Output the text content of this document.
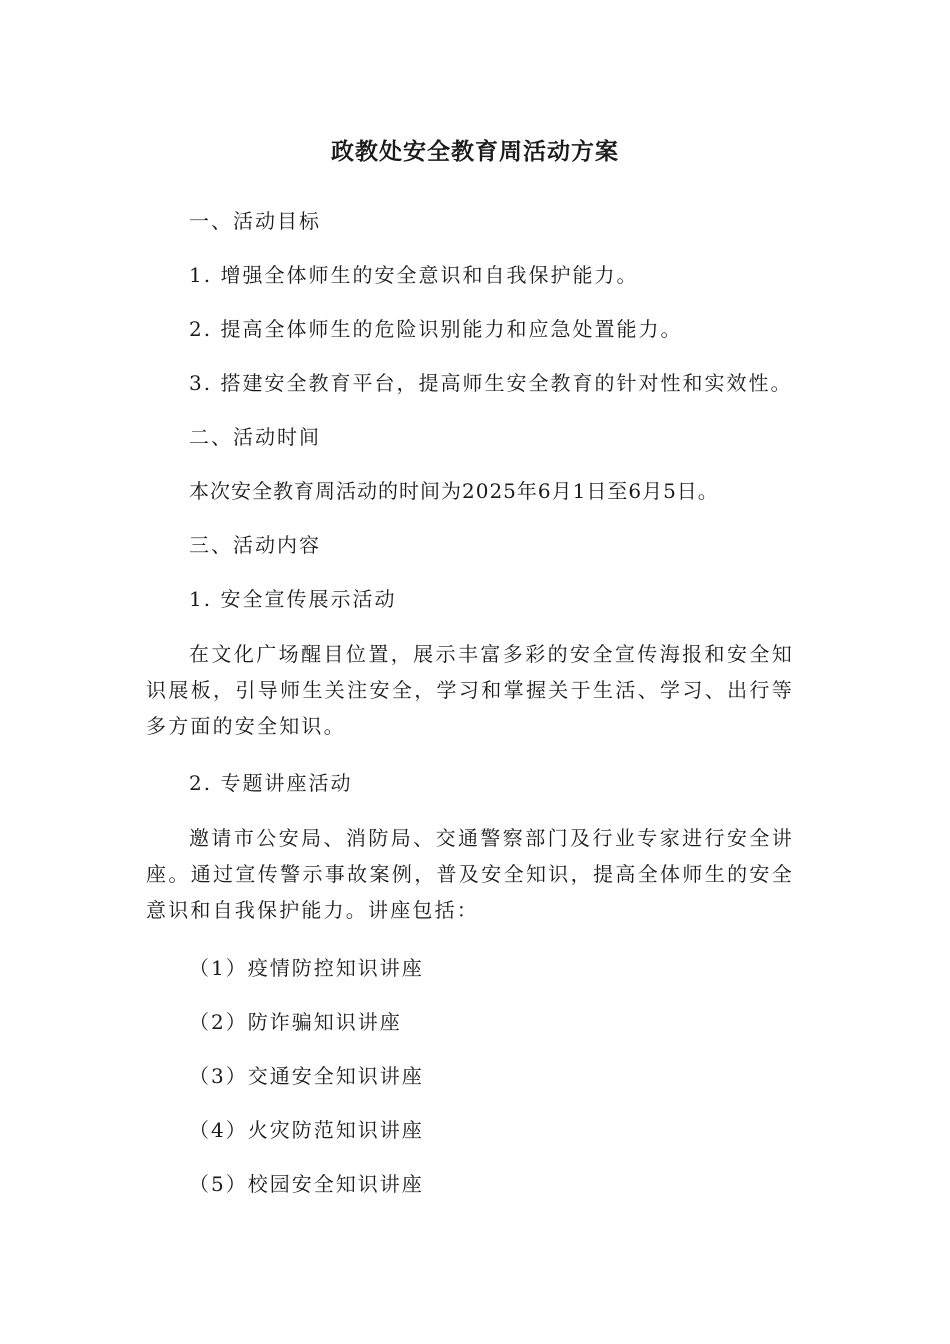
政教处安全教育周活动方案
一、活动目标
1. 增强全体师生的安全意识和自我保护能力。
2. 提高全体师生的危险识别能力和应急处置能力。
3. 搭建安全教育平台，提高师生安全教育的针对性和实效性。
二、活动时间
本次安全教育周活动的时间为2025年6月1日至6月5日。
三、活动内容
1. 安全宣传展示活动
在文化广场醒目位置，展示丰富多彩的安全宣传海报和安全知识展板，引导师生关注安全，学习和掌握关于生活、学习、出行等多方面的安全知识。
2. 专题讲座活动
邀请市公安局、消防局、交通警察部门及行业专家进行安全讲座。通过宣传警示事故案例，普及安全知识，提高全体师生的安全意识和自我保护能力。讲座包括：
（1）疫情防控知识讲座
（2）防诈骗知识讲座
（3）交通安全知识讲座
（4）火灾防范知识讲座
（5）校园安全知识讲座
